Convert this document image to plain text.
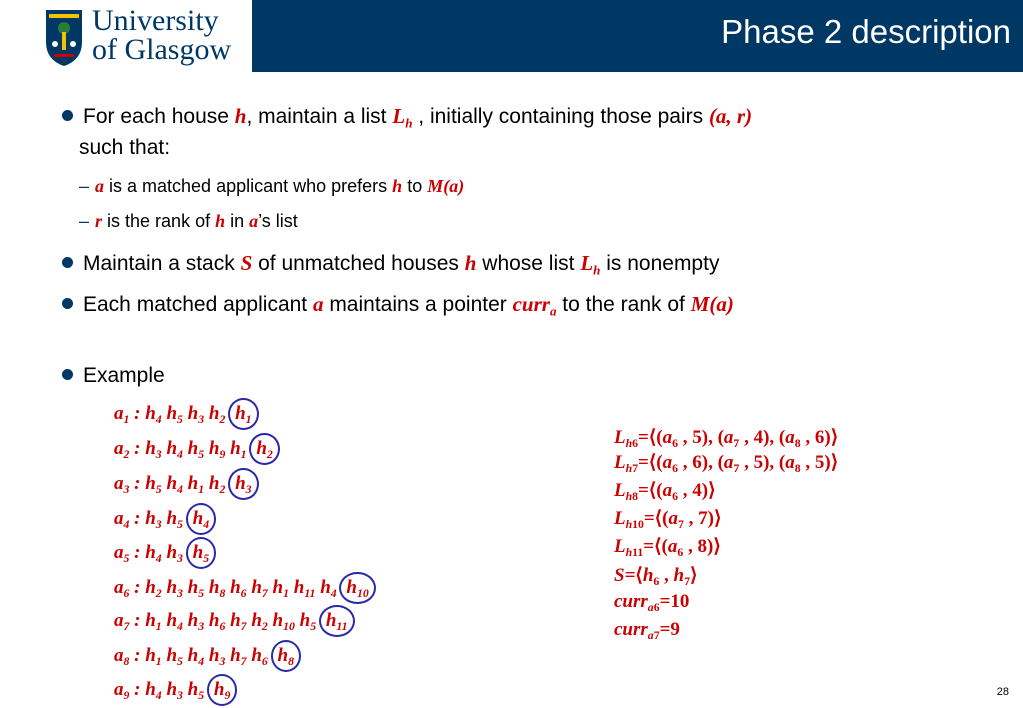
University
of Glasgow	Phase 2 description
For each house h, maintain a list $L_h$ , initially containing those pairs (a, r)
such that:
– a is a matched applicant who prefers h to M(a)
– r is the rank of h in a’s list
Maintain a stack S of unmatched houses h whose list $L_h$ is nonempty
Each matched applicant a maintains a pointer curr$_a$ to the rank of M(a)
Example
$a_1$ : $h_4$ $h_5$ $h_3$ $h_2$ $h_1$
$a_2$ : $h_3$ $h_4$ $h_5$ $h_9$ $h_1$ $h_2$
$a_3$ : $h_5$ $h_4$ $h_1$ $h_2$ $h_3$
$a_4$ : $h_3$ $h_5$ $h_4$
$a_5$ : $h_4$ $h_3$ $h_5$
$a_6$ : $h_2$ $h_3$ $h_5$ $h_8$ $h_6$ $h_7$ $h_1$ $h_{11}$ $h_4$ $h_{10}$
$a_7$ : $h_1$ $h_4$ $h_3$ $h_6$ $h_7$ $h_2$ $h_{10}$ $h_5$ $h_{11}$
$a_8$ : $h_1$ $h_5$ $h_4$ $h_3$ $h_7$ $h_6$ $h_8$
$a_9$ : $h_4$ $h_3$ $h_5$ $h_9$
$L_{h6}=⟨(a_6$ , 5), ($a_7$ , 4), ($a_8$ , 6)⟩
$L_{h7}=⟨(a_6$ , 6), ($a_7$ , 5), ($a_8$ , 5)⟩
$L_{h8}=⟨(a_6$ , 4)⟩
$L_{h10}=⟨(a_7$ , 7)⟩
$L_{h11}=⟨(a_6$ , 8)⟩
$S=⟨h_6$ , $h_7⟩$
curr$_{a6}$=10
curr$_{a7}$=9
28
